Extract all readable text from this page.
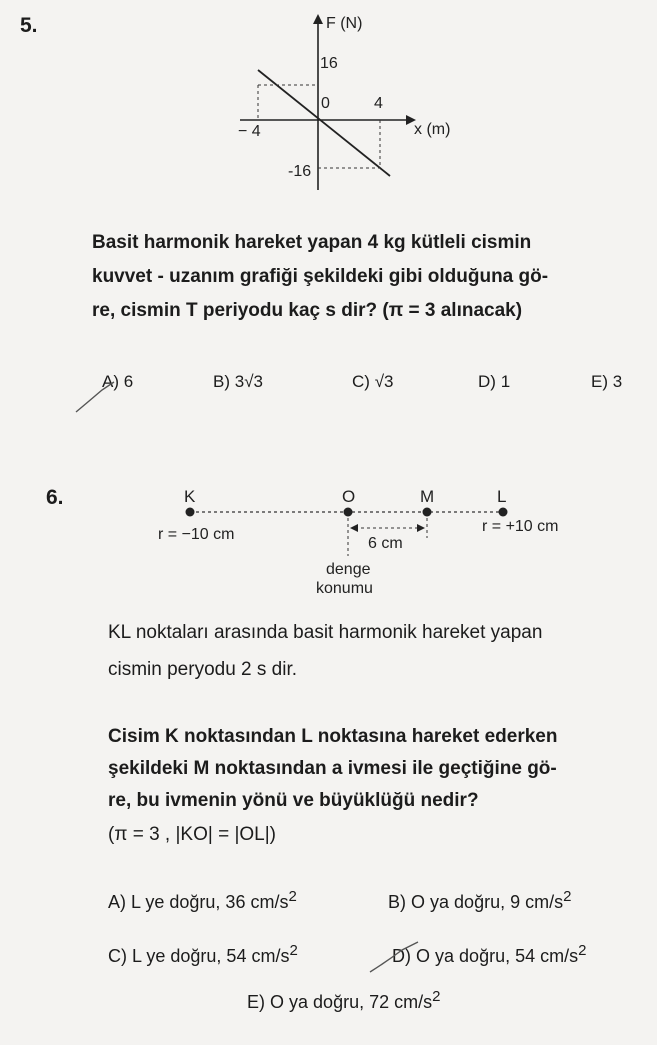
5.	F (N)
16
0	4
− 4	x (m)
-16
Basit harmonik hareket yapan 4 kg kütleli cismin
kuvvet - uzanım grafiği şekildeki gibi olduğuna gö-
re, cismin T periyodu kaç s dir? (π = 3 alınacak)
A) 6	B) 3√3	C) √3	D) 1	E) 3
6.	K	O	M	L
r = −10 cm	r = +10 cm
6 cm
denge
konumu
KL noktaları arasında basit harmonik hareket yapan
cismin peryodu 2 s dir.
Cisim K noktasından L noktasına hareket ederken
şekildeki M noktasından a ivmesi ile geçtiğine gö-
re, bu ivmenin yönü ve büyüklüğü nedir?
(π = 3 , |KO| = |OL|)
A) L ye doğru, 36 $cm/s^2$	B) O ya doğru, 9 $cm/s^2$
C) L ye doğru, 54 $cm/s^2$	D) O ya doğru, 54 $cm/s^2$
E) O ya doğru, 72 $cm/s^2$
